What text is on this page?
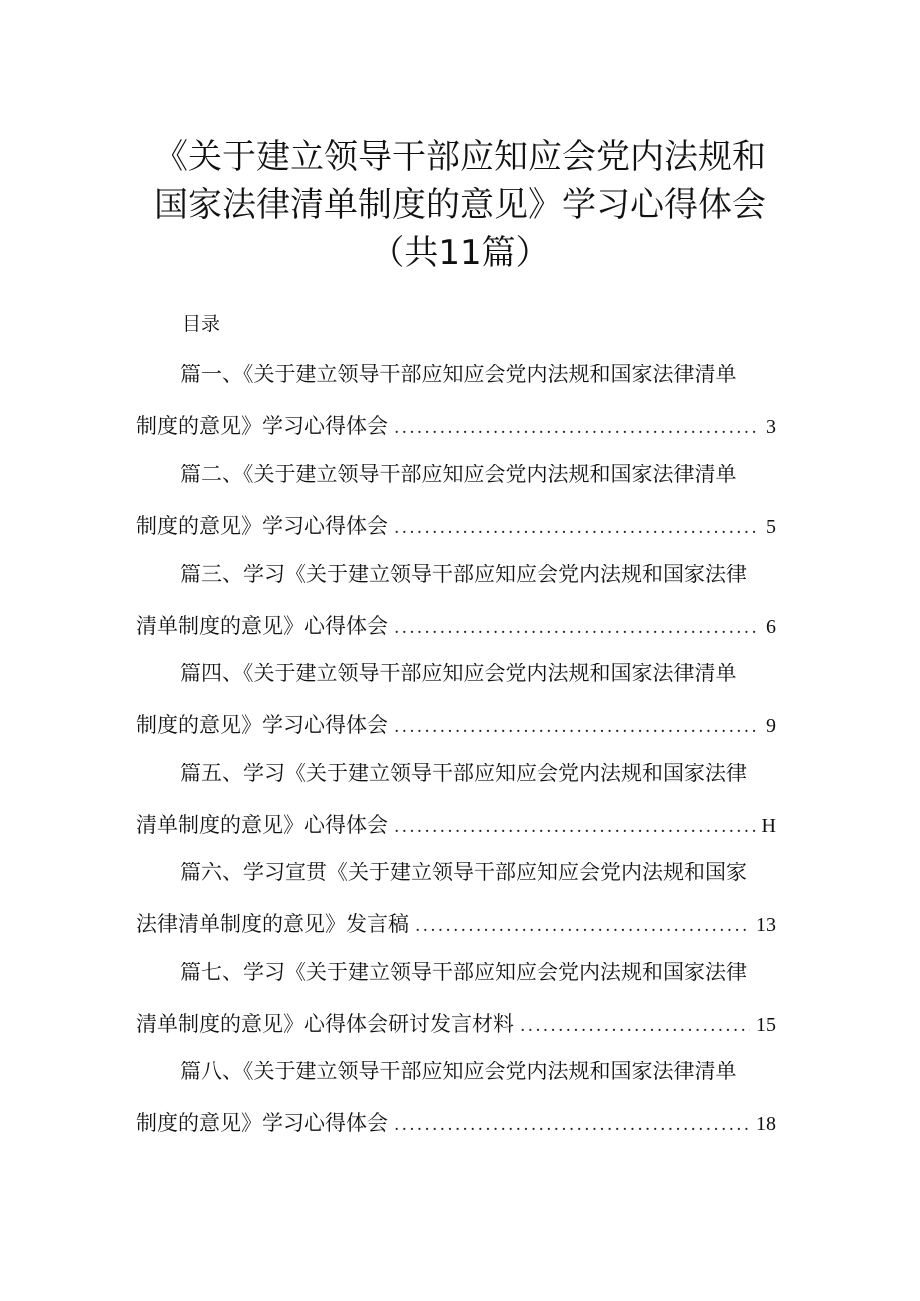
《关于建立领导干部应知应会党内法规和
国家法律清单制度的意见》学习心得体会
（共11篇）
目录
篇一、《关于建立领导干部应知应会党内法规和国家法律清单
制度的意见》学习心得体会 .....	3
篇二、《关于建立领导干部应知应会党内法规和国家法律清单
制度的意见》学习心得体会 .....	5
篇三、学习《关于建立领导干部应知应会党内法规和国家法律
清单制度的意见》心得体会 .....	6
篇四、《关于建立领导干部应知应会党内法规和国家法律清单
制度的意见》学习心得体会 .....	9
篇五、学习《关于建立领导干部应知应会党内法规和国家法律
清单制度的意见》心得体会 .....	H
篇六、学习宣贯《关于建立领导干部应知应会党内法规和国家
法律清单制度的意见》发言稿 .....	13
篇七、学习《关于建立领导干部应知应会党内法规和国家法律
清单制度的意见》心得体会研讨发言材料 .....	15
篇八、《关于建立领导干部应知应会党内法规和国家法律清单
制度的意见》学习心得体会 .....	18
